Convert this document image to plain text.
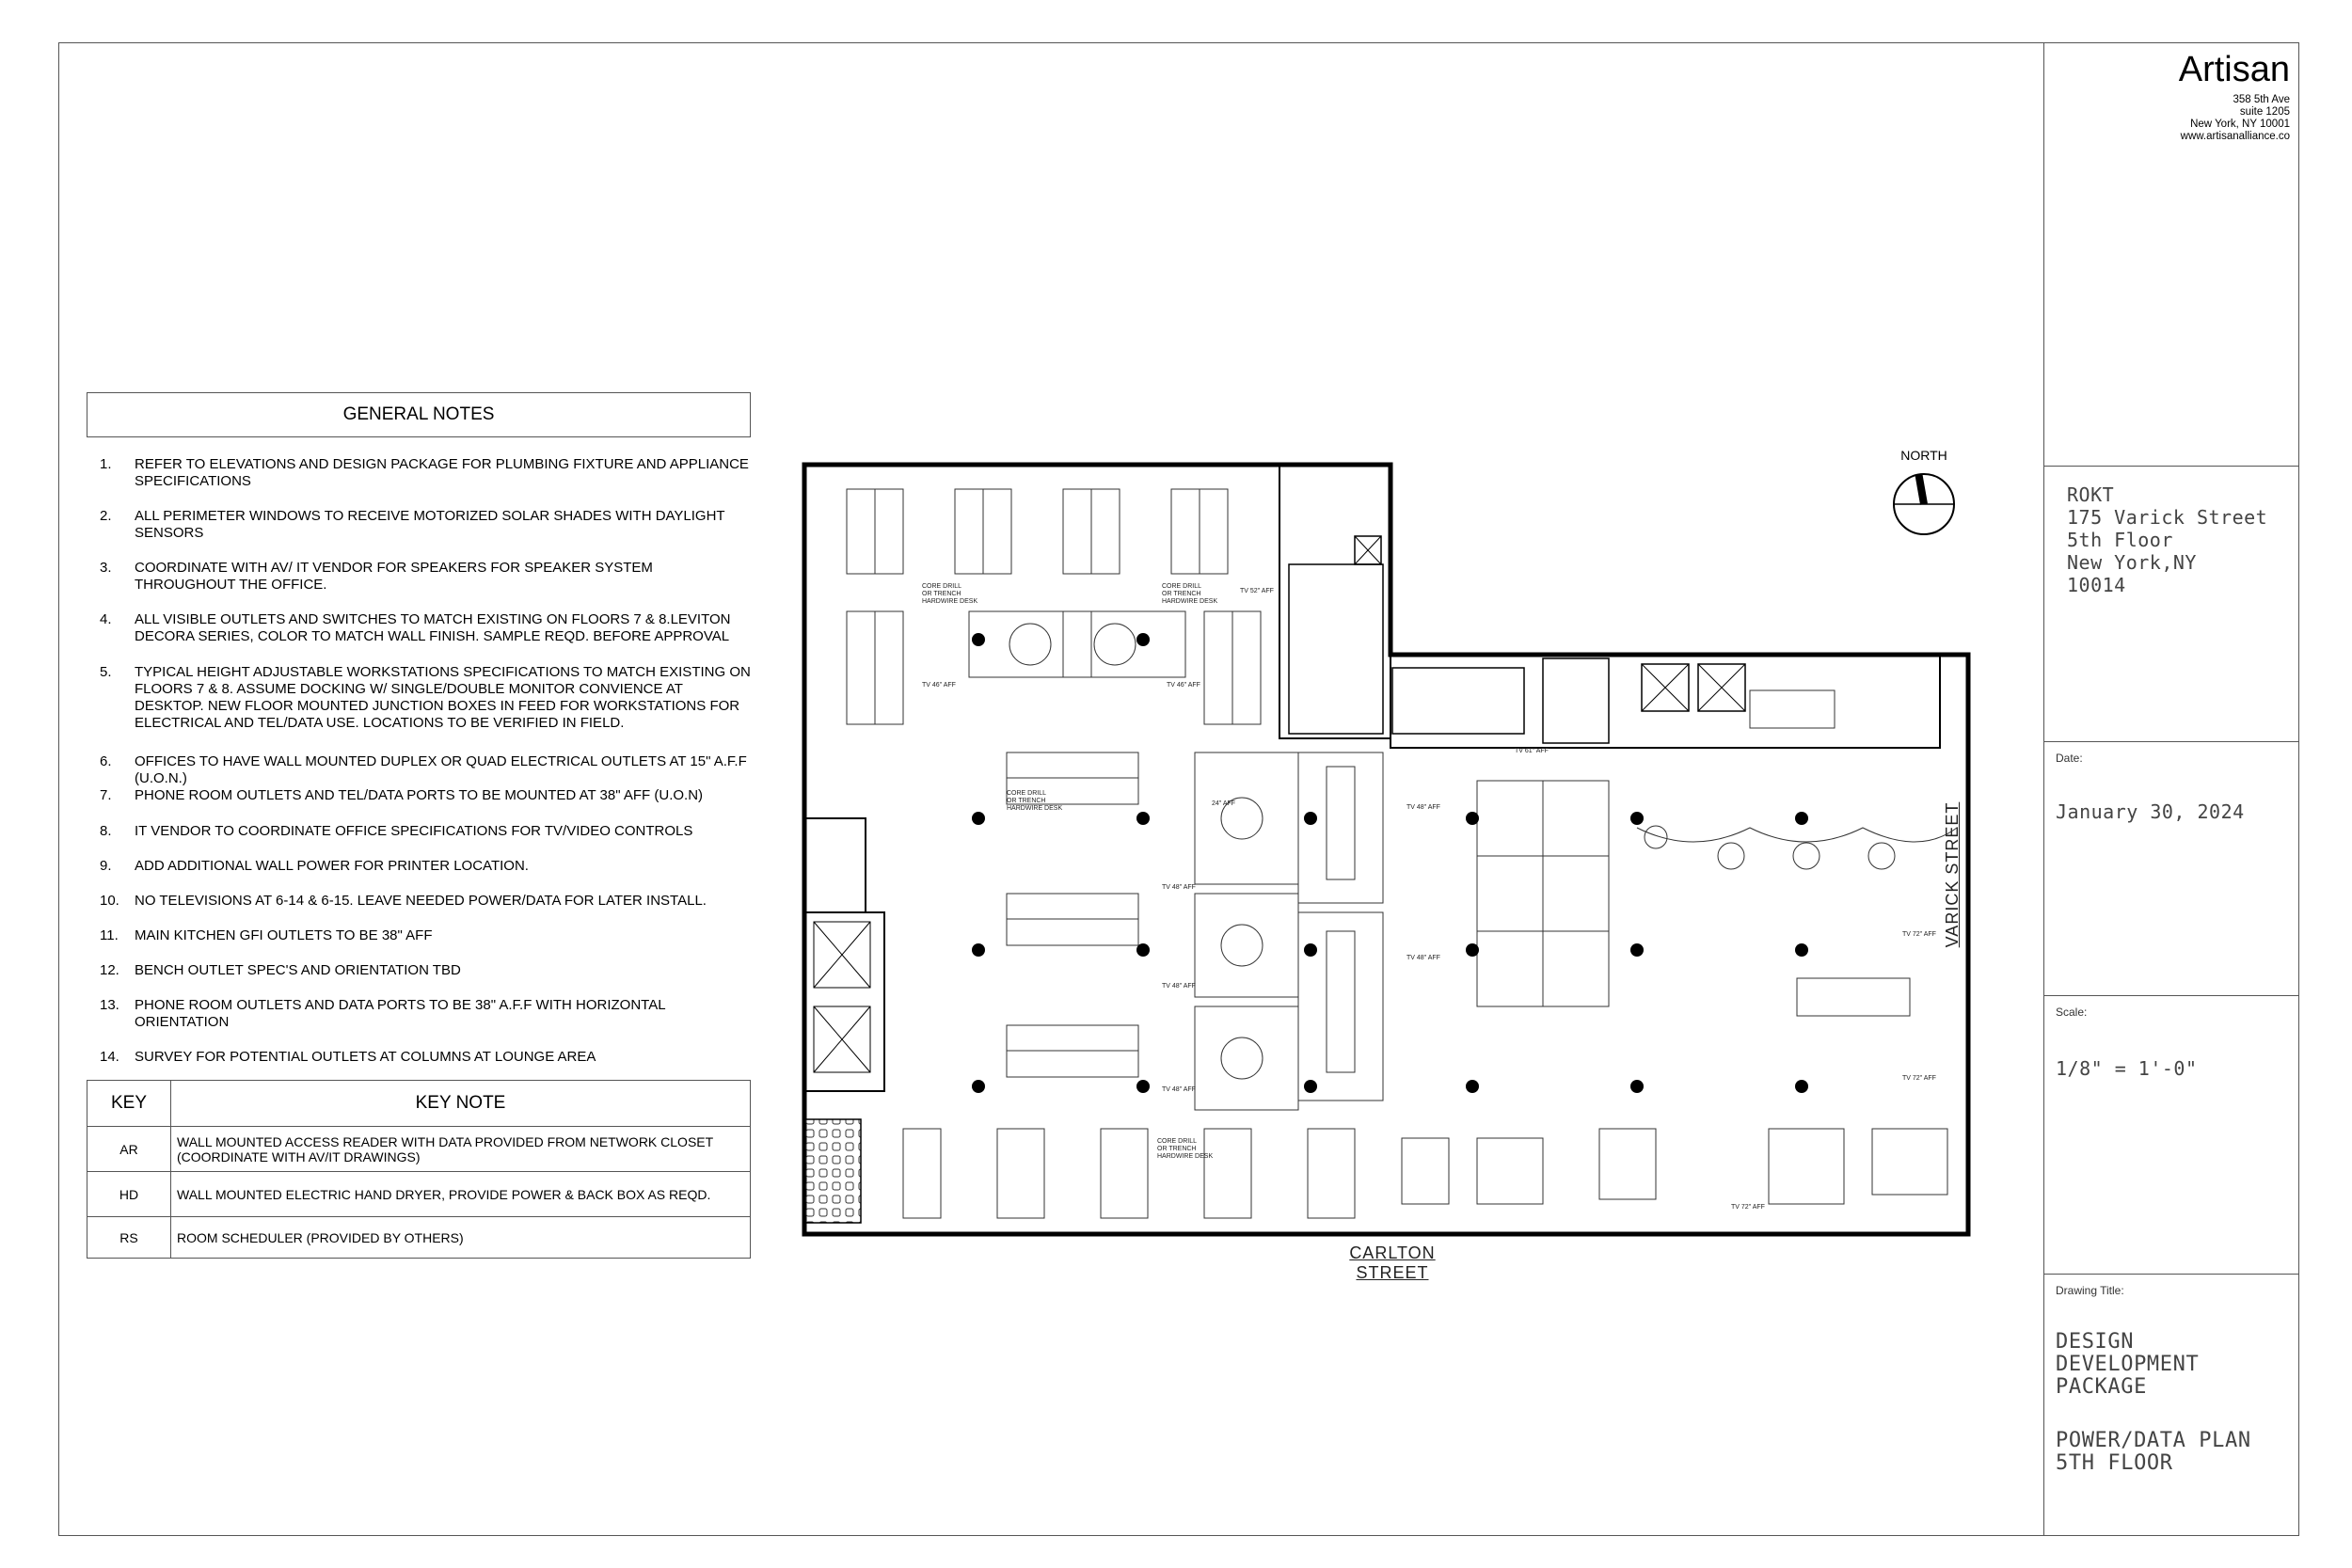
Artisan
358 5th Ave
suite 1205
New York, NY 10001
www.artisanalliance.co
ROKT
175 Varick Street
5th Floor
New York,NY
10014
Date:
January 30, 2024
Scale:
1/8" = 1'-0"
Drawing Title:
DESIGN
DEVELOPMENT
PACKAGE
POWER/DATA PLAN
5TH FLOOR
GENERAL NOTES
1. REFER TO ELEVATIONS AND DESIGN PACKAGE FOR PLUMBING FIXTURE AND APPLIANCE SPECIFICATIONS
2. ALL PERIMETER WINDOWS TO RECEIVE MOTORIZED SOLAR SHADES WITH DAYLIGHT SENSORS
3. COORDINATE WITH AV/ IT VENDOR FOR SPEAKERS FOR SPEAKER SYSTEM THROUGHOUT THE OFFICE.
4. ALL VISIBLE OUTLETS AND SWITCHES TO MATCH EXISTING ON FLOORS 7 & 8.LEVITON DECORA SERIES, COLOR TO MATCH WALL FINISH. SAMPLE REQD. BEFORE APPROVAL
5. TYPICAL HEIGHT ADJUSTABLE WORKSTATIONS SPECIFICATIONS TO MATCH EXISTING ON FLOORS 7 & 8. ASSUME DOCKING W/ SINGLE/DOUBLE MONITOR CONVIENCE AT DESKTOP. NEW FLOOR MOUNTED JUNCTION BOXES IN FEED FOR WORKSTATIONS FOR ELECTRICAL AND TEL/DATA USE. LOCATIONS TO BE VERIFIED IN FIELD.
6. OFFICES TO HAVE WALL MOUNTED DUPLEX OR QUAD ELECTRICAL OUTLETS AT 15" A.F.F (U.O.N.)
7. PHONE ROOM OUTLETS AND TEL/DATA PORTS TO BE MOUNTED AT 38" AFF (U.O.N)
8. IT VENDOR TO COORDINATE OFFICE SPECIFICATIONS FOR TV/VIDEO CONTROLS
9. ADD ADDITIONAL WALL POWER FOR PRINTER LOCATION.
10. NO TELEVISIONS AT 6-14 & 6-15. LEAVE NEEDED POWER/DATA FOR LATER INSTALL.
11. MAIN KITCHEN GFI OUTLETS TO BE 38" AFF
12. BENCH OUTLET SPEC'S AND ORIENTATION TBD
13. PHONE ROOM OUTLETS AND DATA PORTS TO BE 38" A.F.F WITH HORIZONTAL ORIENTATION
14. SURVEY FOR POTENTIAL OUTLETS AT COLUMNS AT LOUNGE AREA
KEY	KEY NOTE
AR	WALL MOUNTED ACCESS READER WITH DATA PROVIDED FROM NETWORK CLOSET (COORDINATE WITH AV/IT DRAWINGS)
HD	WALL MOUNTED ELECTRIC HAND DRYER, PROVIDE POWER & BACK BOX AS REQD.
RS	ROOM SCHEDULER (PROVIDED BY OTHERS)
NORTH
CARLTON
STREET
VARICK STREET
CORE DRILL
OR TRENCH
HARDWIRE DESK
CORE DRILL
OR TRENCH
HARDWIRE DESK
CORE DRILL
OR TRENCH
HARDWIRE DESK
CORE DRILL
OR TRENCH
HARDWIRE DESK
TV 46" AFF	TV 46" AFF
TV 52" AFF
TV 48" AFF
TV 48" AFF
TV 48" AFF
TV 48" AFF
TV 48" AFF
TV 61" AFF
TV 72" AFF
TV 72" AFF
TV 72" AFF
24" AFF
